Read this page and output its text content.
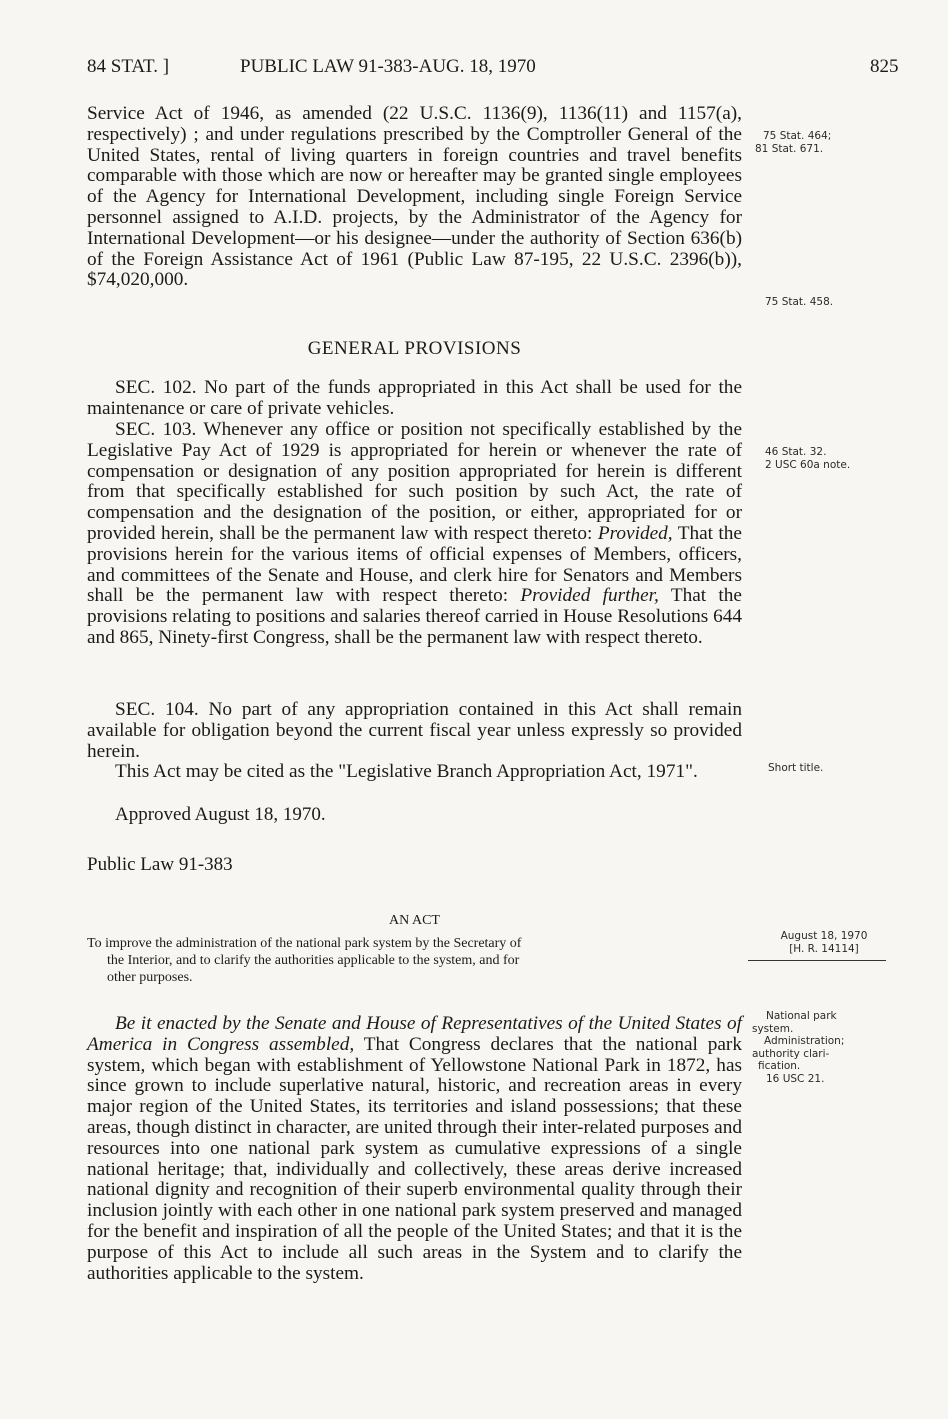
84 STAT. ]	PUBLIC LAW 91-383-AUG. 18, 1970	825

Service Act of 1946, as amended (22 U.S.C. 1136(9), 1136(11) and 1157(a), respectively) ; and under regulations prescribed by the Comptroller General of the United States, rental of living quarters in foreign countries and travel benefits comparable with those which are now or hereafter may be granted single employees of the Agency for International Development, including single Foreign Service personnel assigned to A.I.D. projects, by the Administrator of the Agency for International Development—or his designee—under the authority of Section 636(b) of the Foreign Assistance Act of 1961 (Public Law 87-195, 22 U.S.C. 2396(b)), $74,020,000.

GENERAL PROVISIONS

SEC. 102. No part of the funds appropriated in this Act shall be used for the maintenance or care of private vehicles.

SEC. 103. Whenever any office or position not specifically established by the Legislative Pay Act of 1929 is appropriated for herein or whenever the rate of compensation or designation of any position appropriated for herein is different from that specifically established for such position by such Act, the rate of compensation and the designation of the position, or either, appropriated for or provided herein, shall be the permanent law with respect thereto: Provided, That the provisions herein for the various items of official expenses of Members, officers, and committees of the Senate and House, and clerk hire for Senators and Members shall be the permanent law with respect thereto: Provided further, That the provisions relating to positions and salaries thereof carried in House Resolutions 644 and 865, Ninety-first Congress, shall be the permanent law with respect thereto.

SEC. 104. No part of any appropriation contained in this Act shall remain available for obligation beyond the current fiscal year unless expressly so provided herein.

This Act may be cited as the "Legislative Branch Appropriation Act, 1971".

Approved August 18, 1970.
Public Law 91-383
AN ACT
To improve the administration of the national park system by the Secretary of
the Interior, and to clarify the authorities applicable to the system, and for
other purposes.

Be it enacted by the Senate and House of Representatives of the United States of America in Congress assembled, That Congress declares that the national park system, which began with establishment of Yellowstone National Park in 1872, has since grown to include superlative natural, historic, and recreation areas in every major region of the United States, its territories and island possessions; that these areas, though distinct in character, are united through their inter-related purposes and resources into one national park system as cumulative expressions of a single national heritage; that, individually and collectively, these areas derive increased national dignity and recognition of their superb environmental quality through their inclusion jointly with each other in one national park system preserved and managed for the benefit and inspiration of all the people of the United States; and that it is the purpose of this Act to include all such areas in the System and to clarify the authorities applicable to the system.

75 Stat. 464;
81 Stat. 671.
75 Stat. 458.
46 Stat. 32.
2 USC 60a note.
Short title.
August 18, 1970
[H. R. 14114]
National park
system.
Administration;
authority clari-
fication.
16 USC 21.
